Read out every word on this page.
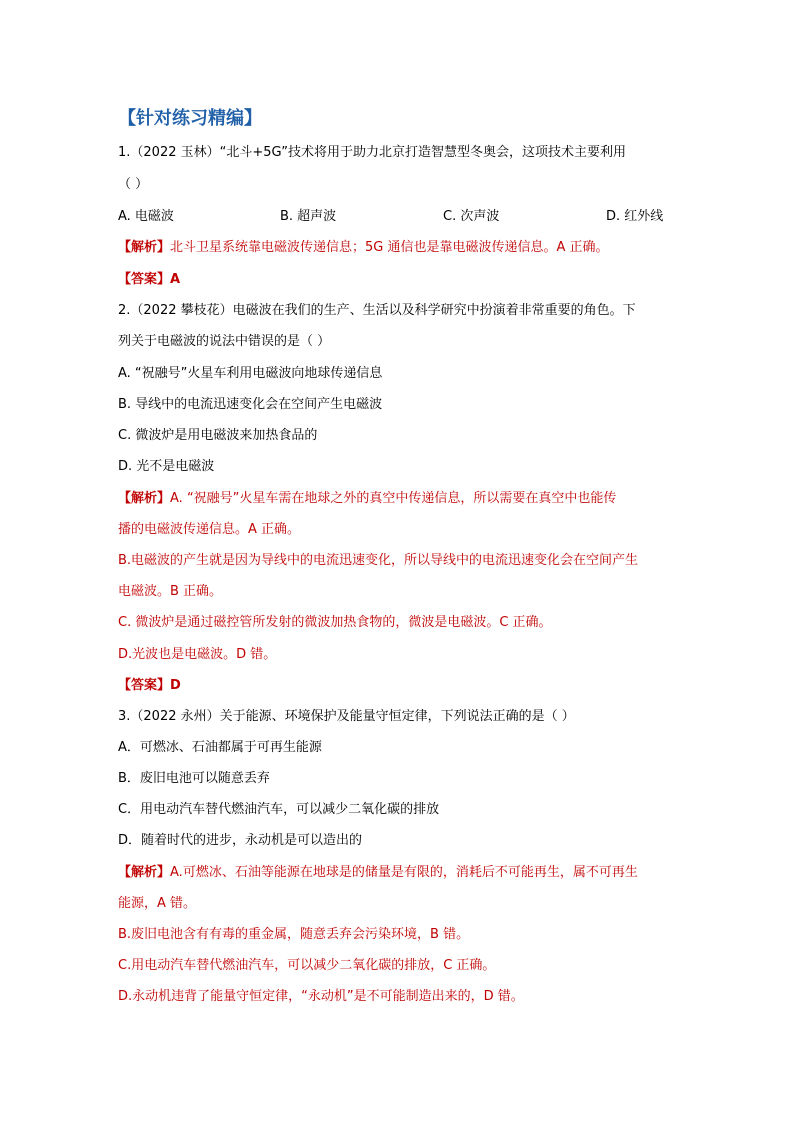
【针对练习精编】
1.（2022 玉林）“北斗+5G”技术将用于助力北京打造智慧型冬奥会，这项技术主要利用
（ ）
A. 电磁波	B. 超声波	C. 次声波	D. 红外线
【解析】北斗卫星系统靠电磁波传递信息；5G 通信也是靠电磁波传递信息。A 正确。
【答案】A
2.（2022 攀枝花）电磁波在我们的生产、生活以及科学研究中扮演着非常重要的角色。下
列关于电磁波的说法中错误的是（ ）
A. “祝融号”火星车利用电磁波向地球传递信息
B. 导线中的电流迅速变化会在空间产生电磁波
C. 微波炉是用电磁波来加热食品的
D. 光不是电磁波
【解析】A. “祝融号”火星车需在地球之外的真空中传递信息，所以需要在真空中也能传
播的电磁波传递信息。A 正确。
B.电磁波的产生就是因为导线中的电流迅速变化，所以导线中的电流迅速变化会在空间产生
电磁波。B 正确。
C. 微波炉是通过磁控管所发射的微波加热食物的，微波是电磁波。C 正确。
D.光波也是电磁波。D 错。
【答案】D
3.（2022 永州）关于能源、环境保护及能量守恒定律，下列说法正确的是（ ）
A．可燃冰、石油都属于可再生能源
B．废旧电池可以随意丢弃
C．用电动汽车替代燃油汽车，可以减少二氧化碳的排放
D．随着时代的进步，永动机是可以造出的
【解析】A.可燃冰、石油等能源在地球是的储量是有限的，消耗后不可能再生，属不可再生
能源，A 错。
B.废旧电池含有有毒的重金属，随意丢弃会污染环境，B 错。
C.用电动汽车替代燃油汽车，可以减少二氧化碳的排放，C 正确。
D.永动机违背了能量守恒定律，“永动机”是不可能制造出来的，D 错。
